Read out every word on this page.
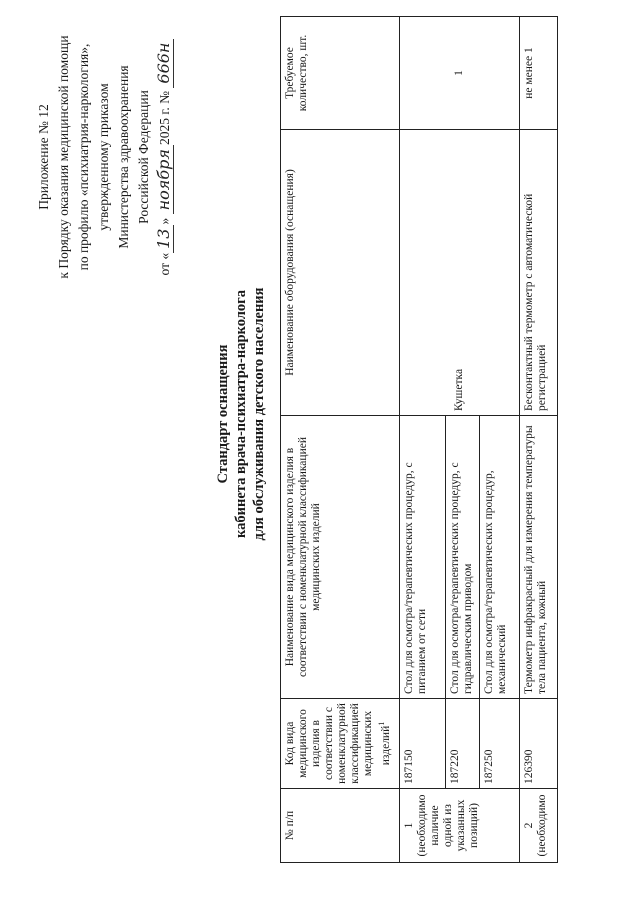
Приложение № 12 к Порядку оказания медицинской помощи по профилю «психиатрия-наркология», утвержденному приказом Министерства здравоохранения Российской Федерации
от «13» ноября2025 г. № 666н
Стандарт оснащения кабинета врача-психиатра-нарколога для обслуживания детского населения
№ п/п	Код вида медицинского изделия в соответствии с номенклатурной классификацией медицинских изделий$^1$	Наименование вида медицинского изделия в соответствии с номенклатурной классификацией медицинских изделий	Наименование оборудования (оснащения)	Требуемое количество, шт.

1 (необходимо наличие одной из указанных позиций)	187150	Стол для осмотра/терапевтических процедур, с питанием от сети	Кушетка	1
	187220	Стол для осмотра/терапевтических процедур, с гидравлическим приводом		
	187250	Стол для осмотра/терапевтических процедур, механический		

2 (необходимо	126390	Термометр инфракрасный для измерения температуры тела пациента, кожный	Бесконтактный термометр с автоматической регистрацией	не менее 1
